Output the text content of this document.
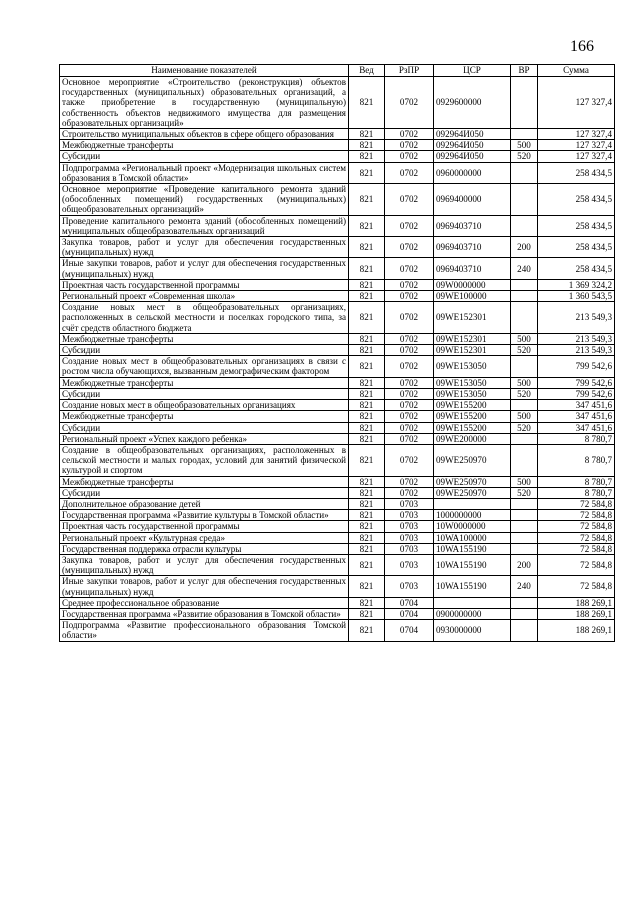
166
Наименование показателей	Вед	РзПР	ЦСР	ВР	Сумма
Основное мероприятие «Строительство (реконструкция) объектов государственных (муниципальных) образовательных организаций, а также приобретение в государственную (муниципальную) собственность объектов недвижимого имущества для размещения образовательных организаций»	821	0702	0929600000		127 327,4
Строительство муниципальных объектов в сфере общего образования	821	0702	092964И050		127 327,4
Межбюджетные трансферты	821	0702	092964И050	500	127 327,4
Субсидии	821	0702	092964И050	520	127 327,4
Подпрограмма «Региональный проект «Модернизация школьных систем образования в Томской области»	821	0702	0960000000		258 434,5
Основное мероприятие «Проведение капитального ремонта зданий (обособленных помещений) государственных (муниципальных) общеобразовательных организаций»	821	0702	0969400000		258 434,5
Проведение капитального ремонта зданий (обособленных помещений) муниципальных общеобразовательных организаций	821	0702	0969403710		258 434,5
Закупка товаров, работ и услуг для обеспечения государственных (муниципальных) нужд	821	0702	0969403710	200	258 434,5
Иные закупки товаров, работ и услуг для обеспечения государственных (муниципальных) нужд	821	0702	0969403710	240	258 434,5
Проектная часть государственной программы	821	0702	09W0000000		1 369 324,2
Региональный проект «Современная школа»	821	0702	09WE100000		1 360 543,5
Создание новых мест в общеобразовательных организациях, расположенных в сельской местности и поселках городского типа, за счёт средств областного бюджета	821	0702	09WE152301		213 549,3
Межбюджетные трансферты	821	0702	09WE152301	500	213 549,3
Субсидии	821	0702	09WE152301	520	213 549,3
Создание новых мест в общеобразовательных организациях в связи с ростом числа обучающихся, вызванным демографическим фактором	821	0702	09WE153050		799 542,6
Межбюджетные трансферты	821	0702	09WE153050	500	799 542,6
Субсидии	821	0702	09WE153050	520	799 542,6
Создание новых мест в общеобразовательных организациях	821	0702	09WE155200		347 451,6
Межбюджетные трансферты	821	0702	09WE155200	500	347 451,6
Субсидии	821	0702	09WE155200	520	347 451,6
Региональный проект «Успех каждого ребенка»	821	0702	09WE200000		8 780,7
Создание в общеобразовательных организациях, расположенных в сельской местности и малых городах, условий для занятий физической культурой и спортом	821	0702	09WE250970		8 780,7
Межбюджетные трансферты	821	0702	09WE250970	500	8 780,7
Субсидии	821	0702	09WE250970	520	8 780,7
Дополнительное образование детей	821	0703			72 584,8
Государственная программа «Развитие культуры в Томской области»	821	0703	1000000000		72 584,8
Проектная часть государственной программы	821	0703	10W0000000		72 584,8
Региональный проект «Культурная среда»	821	0703	10WA100000		72 584,8
Государственная поддержка отрасли культуры	821	0703	10WA155190		72 584,8
Закупка товаров, работ и услуг для обеспечения государственных (муниципальных) нужд	821	0703	10WA155190	200	72 584,8
Иные закупки товаров, работ и услуг для обеспечения государственных (муниципальных) нужд	821	0703	10WA155190	240	72 584,8
Среднее профессиональное образование	821	0704			188 269,1
Государственная программа «Развитие образования в Томской области»	821	0704	0900000000		188 269,1
Подпрограмма «Развитие профессионального образования Томской области»	821	0704	0930000000		188 269,1
